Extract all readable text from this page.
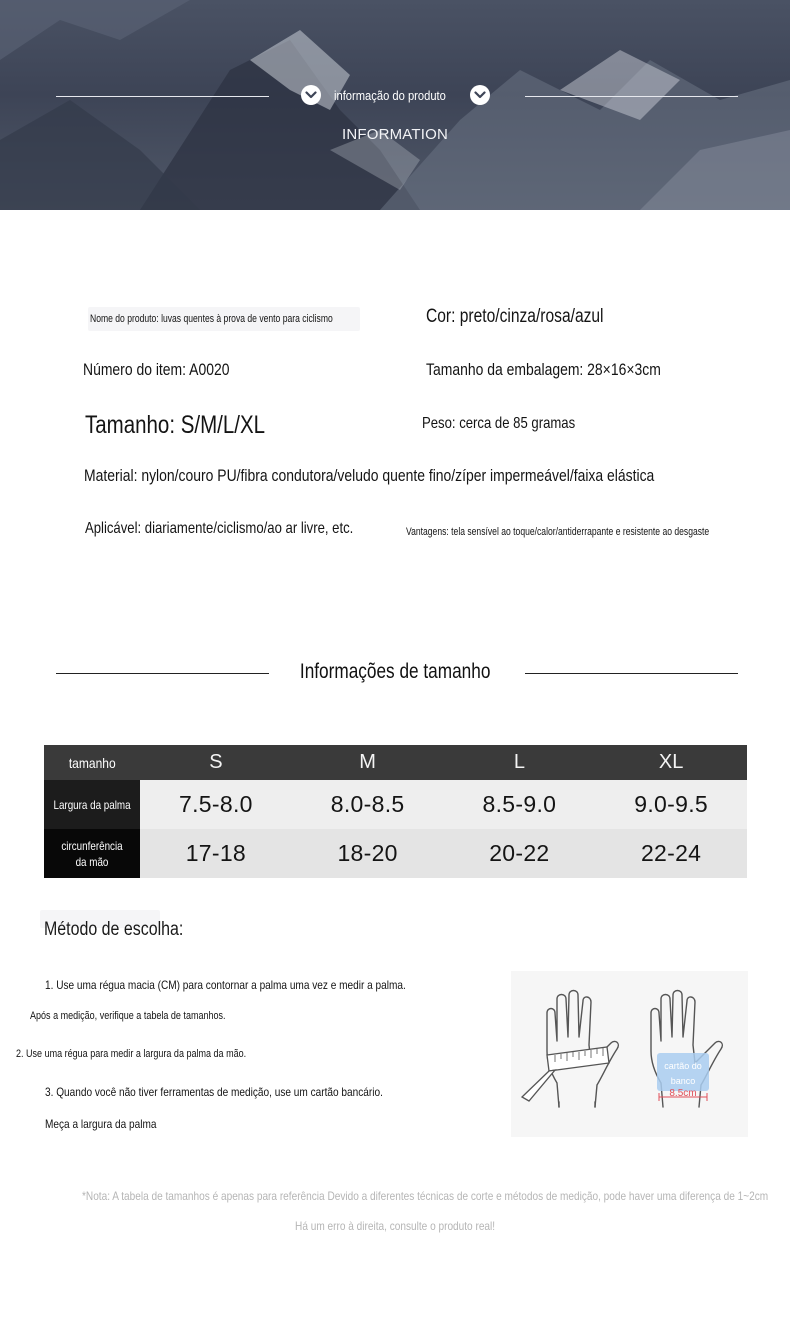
informação do produto
INFORMATION
Nome do produto: luvas quentes à prova de vento para ciclismo	Cor: preto/cinza/rosa/azul
Número do item: A0020	Tamanho da embalagem: 28×16×3cm
Tamanho: S/M/L/XL	Peso: cerca de 85 gramas
Material: nylon/couro PU/fibra condutora/veludo quente fino/zíper impermeável/faixa elástica
Aplicável: diariamente/ciclismo/ao ar livre, etc.	Vantagens: tela sensível ao toque/calor/antiderrapante e resistente ao desgaste
Informações de tamanho
tamanho	S	M	L	XL
Largura da palma	7.5-8.0	8.0-8.5	8.5-9.0	9.0-9.5
circunferência da mão	17-18	18-20	20-22	22-24
Método de escolha:
1. Use uma régua macia (CM) para contornar a palma uma vez e medir a palma.
Após a medição, verifique a tabela de tamanhos.
2. Use uma régua para medir a largura da palma da mão.
3. Quando você não tiver ferramentas de medição, use um cartão bancário.
Meça a largura da palma
cartão do
banco
8.5cm
*Nota: A tabela de tamanhos é apenas para referência Devido a diferentes técnicas de corte e métodos de medição, pode haver uma diferença de 1~2cm
Há um erro à direita, consulte o produto real!
